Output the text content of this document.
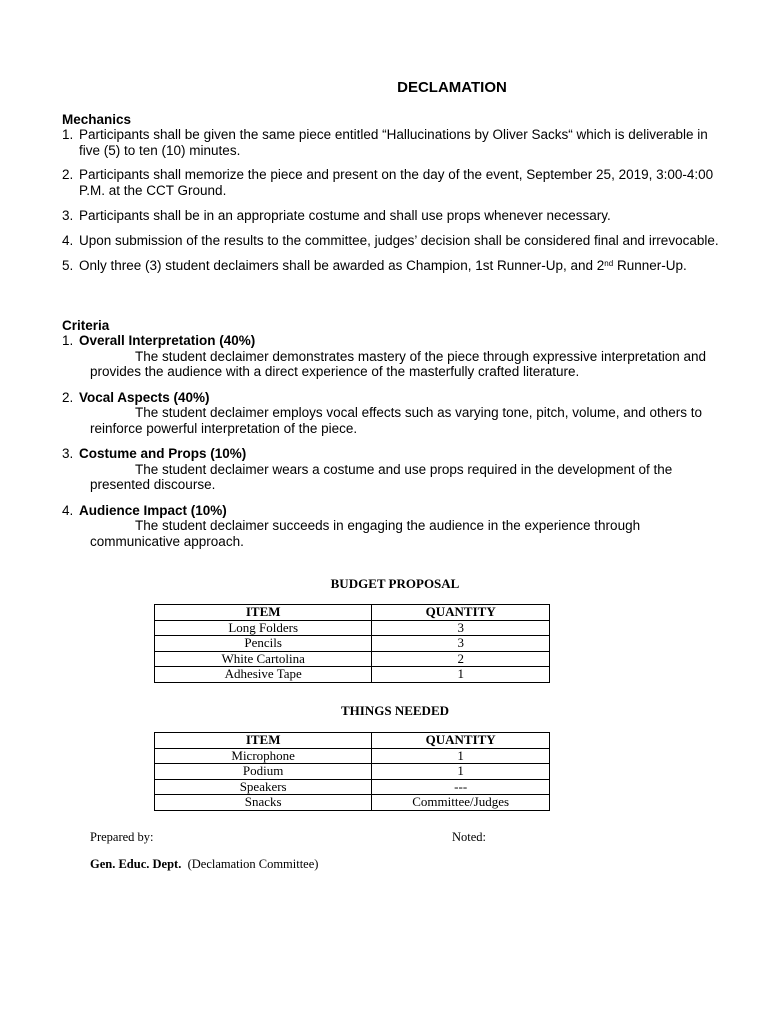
DECLAMATION
Mechanics
1. Participants shall be given the same piece entitled “Hallucinations by Oliver Sacks“ which is deliverable in five (5) to ten (10) minutes.
2. Participants shall memorize the piece and present on the day of the event, September 25, 2019, 3:00-4:00 P.M. at the CCT Ground.
3. Participants shall be in an appropriate costume and shall use props whenever necessary.
4. Upon submission of the results to the committee, judges’ decision shall be considered final and irrevocable.
5. Only three (3) student declaimers shall be awarded as Champion, 1st Runner-Up, and 2nd Runner-Up.
Criteria
1. Overall Interpretation (40%)
The student declaimer demonstrates mastery of the piece through expressive interpretation and provides the audience with a direct experience of the masterfully crafted literature.
2. Vocal Aspects (40%)
The student declaimer employs vocal effects such as varying tone, pitch, volume, and others to reinforce powerful interpretation of the piece.
3. Costume and Props (10%)
The student declaimer wears a costume and use props required in the development of the presented discourse.
4. Audience Impact (10%)
The student declaimer succeeds in engaging the audience in the experience through communicative approach.
BUDGET PROPOSAL
ITEM	QUANTITY
Long Folders	3
Pencils	3
White Cartolina	2
Adhesive Tape	1
THINGS NEEDED
ITEM	QUANTITY
Microphone	1
Podium	1
Speakers	---
Snacks	Committee/Judges
Prepared by:	Noted:
Gen. Educ. Dept. (Declamation Committee)
